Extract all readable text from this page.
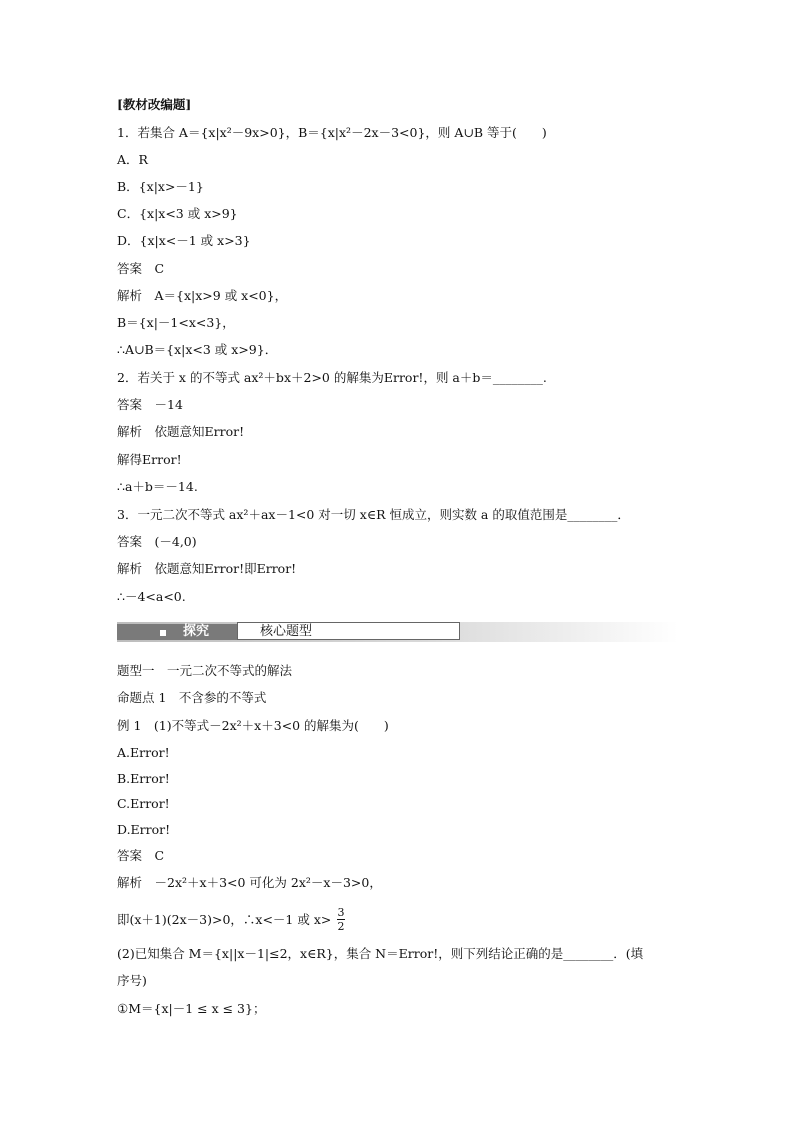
[教材改编题]
1．若集合 A＝{x|x²－9x>0}，B＝{x|x²－2x－3<0}，则 A∪B 等于(　　)
A．R
B．{x|x>－1}
C．{x|x<3 或 x>9}
D．{x|x<－1 或 x>3}
答案　C
解析　A＝{x|x>9 或 x<0}，
B＝{x|－1<x<3}，
∴A∪B＝{x|x<3 或 x>9}．
2．若关于 x 的不等式 ax²＋bx＋2>0 的解集为Error!，则 a＋b＝________.
答案　－14
解析　依题意知Error!
解得Error!
∴a＋b＝－14.
3．一元二次不等式 ax²＋ax－1<0 对一切 x∈R 恒成立，则实数 a 的取值范围是________．
答案　(－4,0)
解析　依题意知Error!即Error!
∴－4<a<0.
探究	核心题型
题型一　一元二次不等式的解法
命题点 1　不含参的不等式
例 1　(1)不等式－2x²＋x＋3<0 的解集为(　　)
A.Error!
B.Error!
C.Error!
D.Error!
答案　C
解析　－2x²＋x＋3<0 可化为 2x²－x－3>0，
即(x＋1)(2x－3)>0，∴x<－1 或 x> 3
2
(2)已知集合 M＝{x||x－1|≤2，x∈R}，集合 N＝Error!，则下列结论正确的是________．(填
序号)
①M＝{x|－1 ≤ x ≤ 3}；
